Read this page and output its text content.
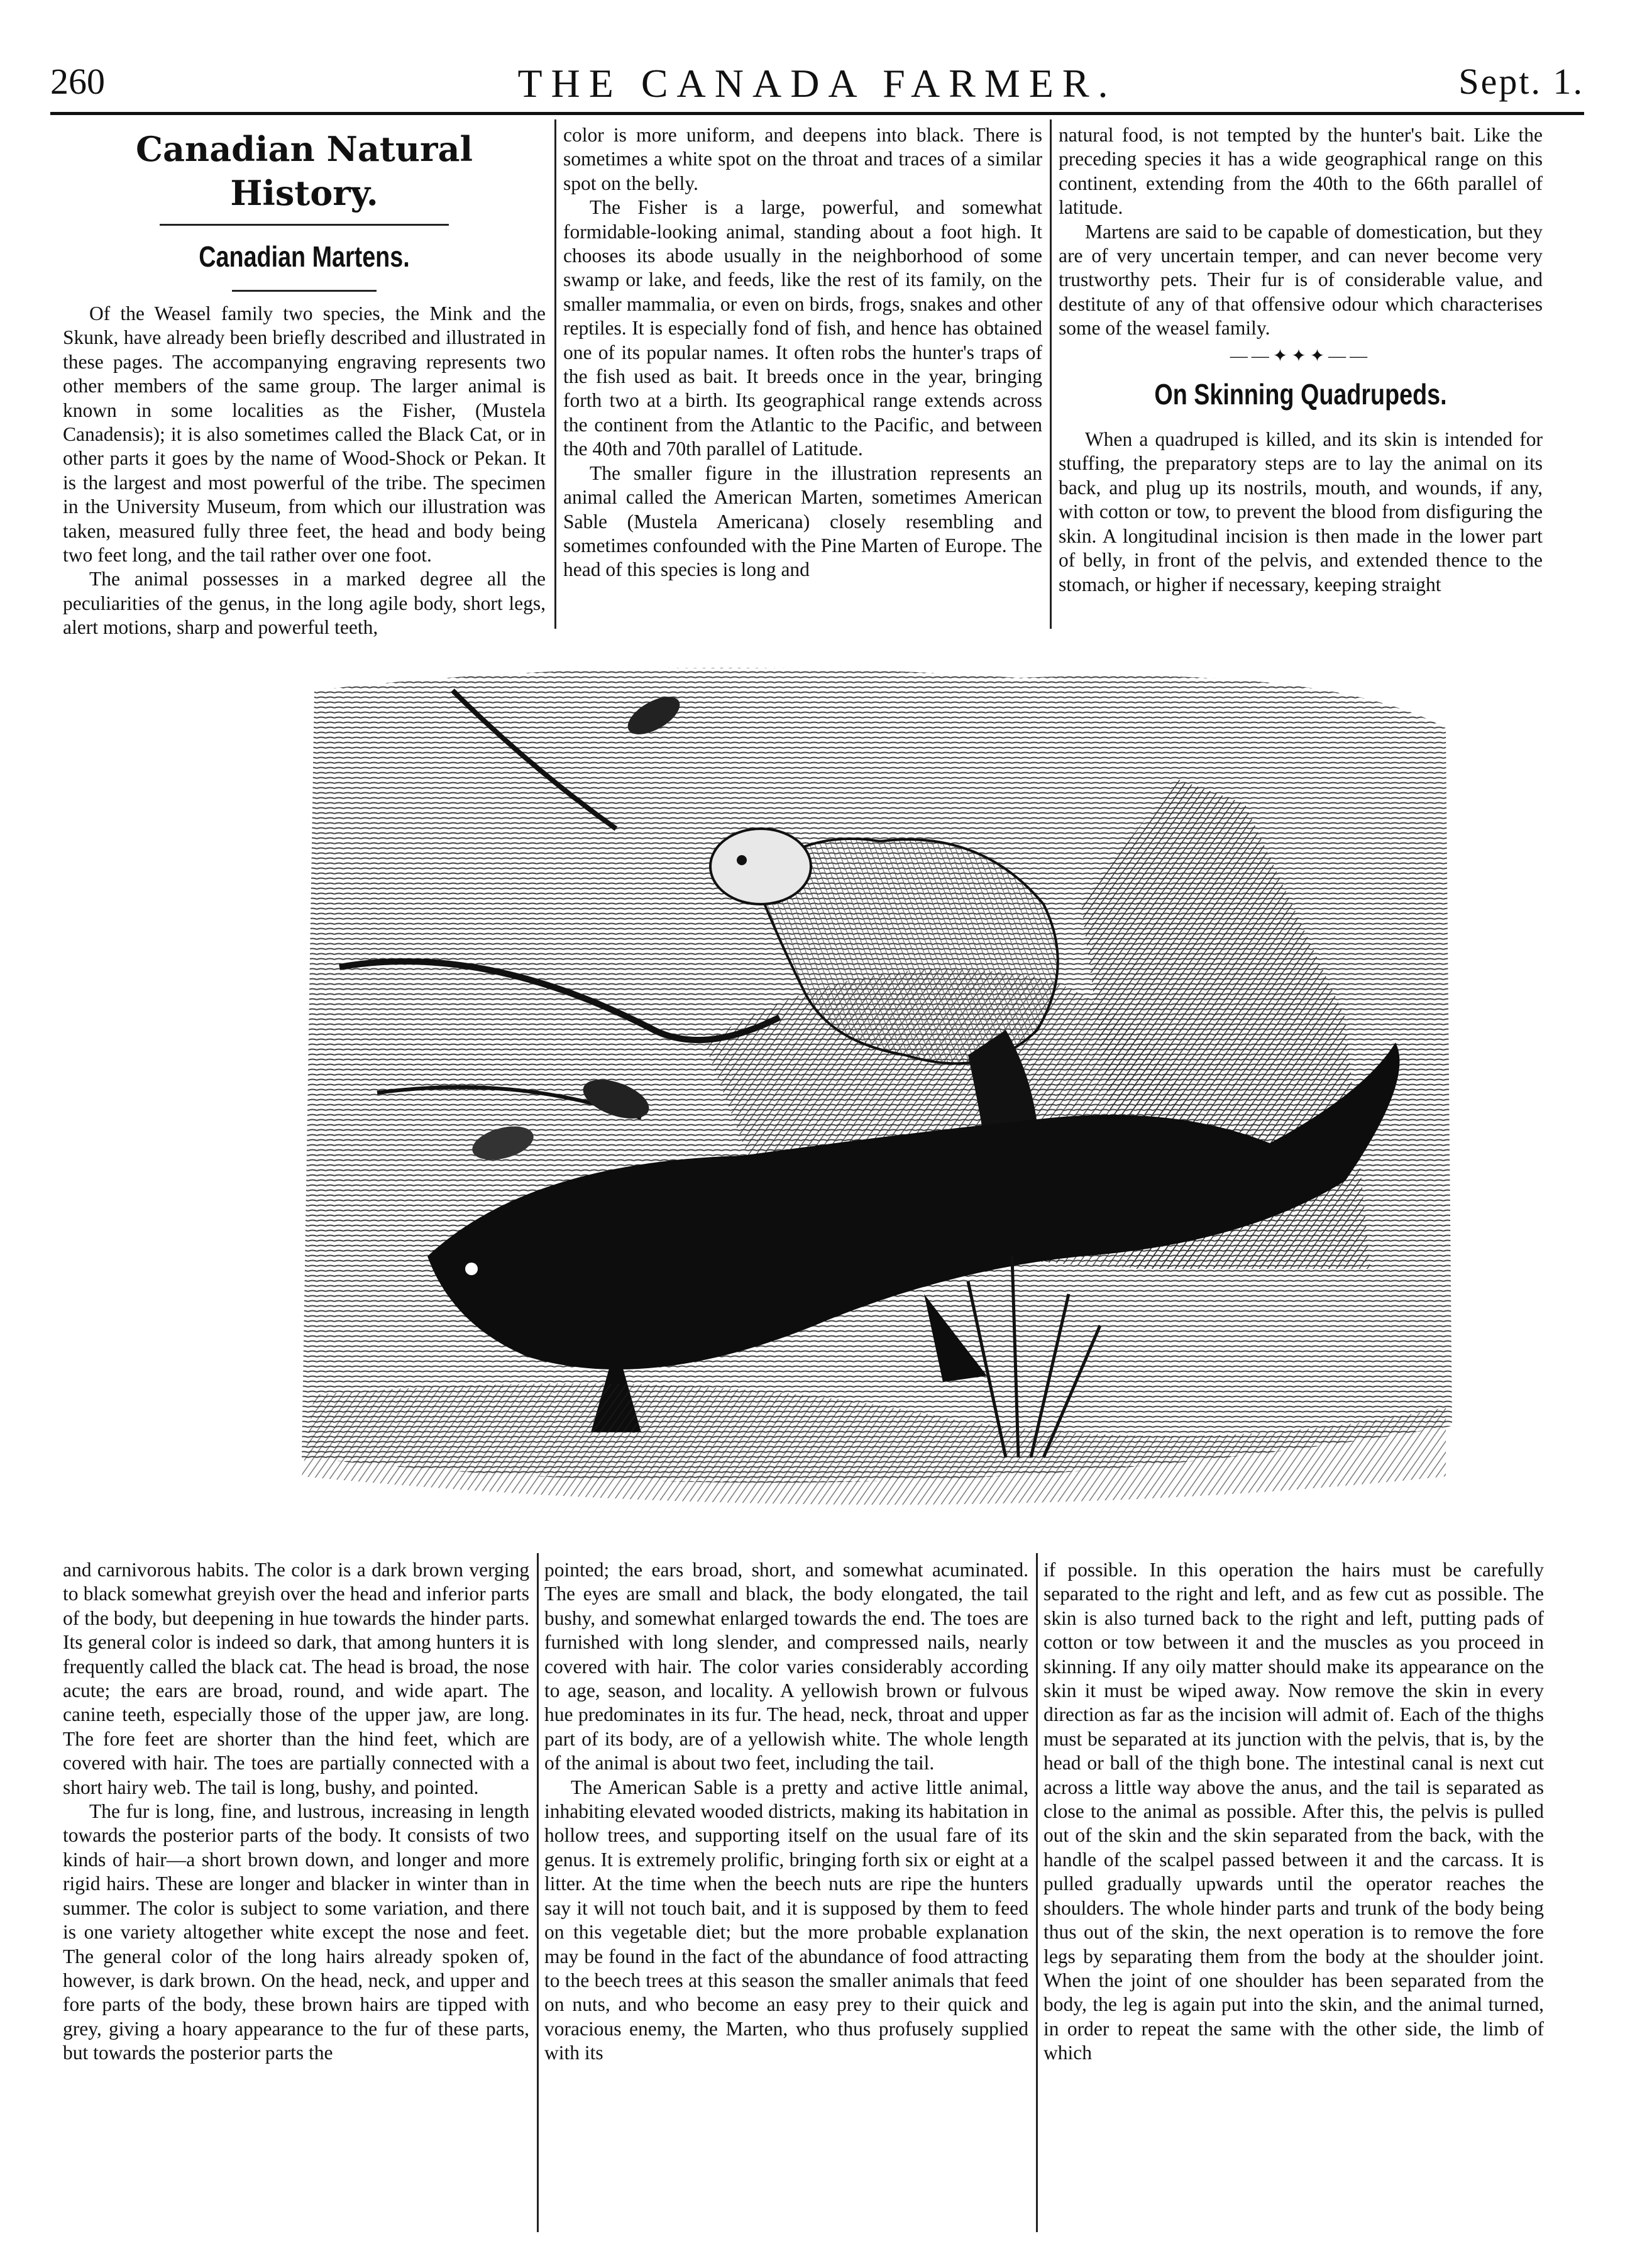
260	THE CANADA FARMER.	Sept. 1.
Canadian Natural History.
Canadian Martens.

Of the Weasel family two species, the Mink and the Skunk, have already been briefly described and illustrated in these pages. The accompanying engraving represents two other members of the same group. The larger animal is known in some localities as the Fisher, (Mustela Canadensis); it is also sometimes called the Black Cat, or in other parts it goes by the name of Wood-Shock or Pekan. It is the largest and most powerful of the tribe. The specimen in the University Museum, from which our illustration was taken, measured fully three feet, the head and body being two feet long, and the tail rather over one foot.

The animal possesses in a marked degree all the peculiarities of the genus, in the long agile body, short legs, alert motions, sharp and powerful teeth,

color is more uniform, and deepens into black. There is sometimes a white spot on the throat and traces of a similar spot on the belly.

The Fisher is a large, powerful, and somewhat formidable-looking animal, standing about a foot high. It chooses its abode usually in the neighborhood of some swamp or lake, and feeds, like the rest of its family, on the smaller mammalia, or even on birds, frogs, snakes and other reptiles. It is especially fond of fish, and hence has obtained one of its popular names. It often robs the hunter's traps of the fish used as bait. It breeds once in the year, bringing forth two at a birth. Its geographical range extends across the continent from the Atlantic to the Pacific, and between the 40th and 70th parallel of Latitude.

The smaller figure in the illustration represents an animal called the American Marten, sometimes American Sable (Mustela Americana) closely resembling and sometimes confounded with the Pine Marten of Europe. The head of this species is long and

natural food, is not tempted by the hunter's bait. Like the preceding species it has a wide geographical range on this continent, extending from the 40th to the 66th parallel of latitude.

Martens are said to be capable of domestication, but they are of very uncertain temper, and can never become very trustworthy pets. Their fur is of considerable value, and destitute of any of that offensive odour which characterises some of the weasel family.

——✦✦✦——
On Skinning Quadrupeds.

When a quadruped is killed, and its skin is intended for stuffing, the preparatory steps are to lay the animal on its back, and plug up its nostrils, mouth, and wounds, if any, with cotton or tow, to prevent the blood from disfiguring the skin. A longitudinal incision is then made in the lower part of belly, in front of the pelvis, and extended thence to the stomach, or higher if necessary, keeping straight

and carnivorous habits. The color is a dark brown verging to black somewhat greyish over the head and inferior parts of the body, but deepening in hue towards the hinder parts. Its general color is indeed so dark, that among hunters it is frequently called the black cat. The head is broad, the nose acute; the ears are broad, round, and wide apart. The canine teeth, especially those of the upper jaw, are long. The fore feet are shorter than the hind feet, which are covered with hair. The toes are partially connected with a short hairy web. The tail is long, bushy, and pointed.

The fur is long, fine, and lustrous, increasing in length towards the posterior parts of the body. It consists of two kinds of hair—a short brown down, and longer and more rigid hairs. These are longer and blacker in winter than in summer. The color is subject to some variation, and there is one variety altogether white except the nose and feet. The general color of the long hairs already spoken of, however, is dark brown. On the head, neck, and upper and fore parts of the body, these brown hairs are tipped with grey, giving a hoary appearance to the fur of these parts, but towards the posterior parts the

pointed; the ears broad, short, and somewhat acuminated. The eyes are small and black, the body elongated, the tail bushy, and somewhat enlarged towards the end. The toes are furnished with long slender, and compressed nails, nearly covered with hair. The color varies considerably according to age, season, and locality. A yellowish brown or fulvous hue predominates in its fur. The head, neck, throat and upper part of its body, are of a yellowish white. The whole length of the animal is about two feet, including the tail.

The American Sable is a pretty and active little animal, inhabiting elevated wooded districts, making its habitation in hollow trees, and supporting itself on the usual fare of its genus. It is extremely prolific, bringing forth six or eight at a litter. At the time when the beech nuts are ripe the hunters say it will not touch bait, and it is supposed by them to feed on this vegetable diet; but the more probable explanation may be found in the fact of the abundance of food attracting to the beech trees at this season the smaller animals that feed on nuts, and who become an easy prey to their quick and voracious enemy, the Marten, who thus profusely supplied with its

if possible. In this operation the hairs must be carefully separated to the right and left, and as few cut as possible. The skin is also turned back to the right and left, putting pads of cotton or tow between it and the muscles as you proceed in skinning. If any oily matter should make its appearance on the skin it must be wiped away. Now remove the skin in every direction as far as the incision will admit of. Each of the thighs must be separated at its junction with the pelvis, that is, by the head or ball of the thigh bone. The intestinal canal is next cut across a little way above the anus, and the tail is separated as close to the animal as possible. After this, the pelvis is pulled out of the skin and the skin separated from the back, with the handle of the scalpel passed between it and the carcass. It is pulled gradually upwards until the operator reaches the shoulders. The whole hinder parts and trunk of the body being thus out of the skin, the next operation is to remove the fore legs by separating them from the body at the shoulder joint. When the joint of one shoulder has been separated from the body, the leg is again put into the skin, and the animal turned, in order to repeat the same with the other side, the limb of which
